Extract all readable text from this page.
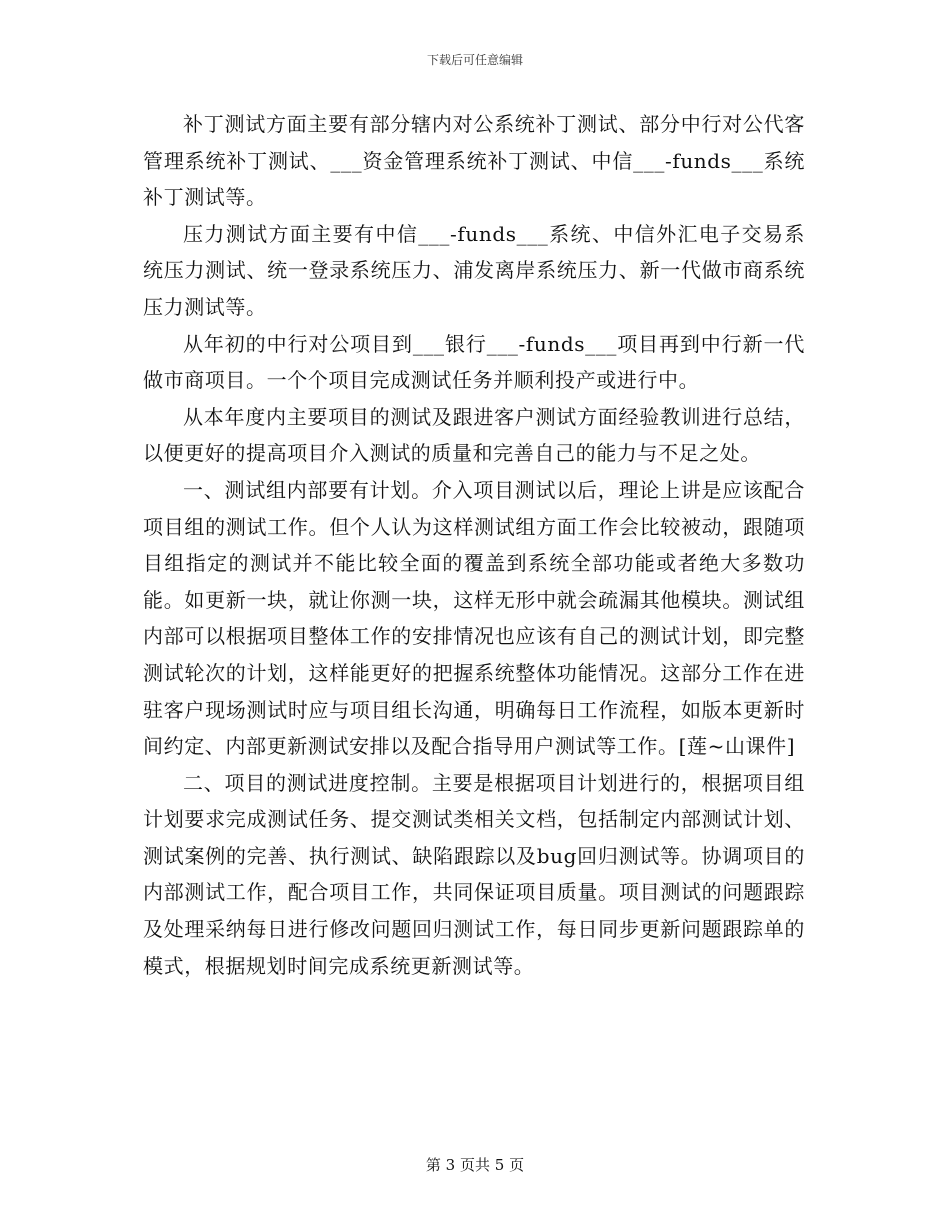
下载后可任意编辑

补丁测试方面主要有部分辖内对公系统补丁测试、部分中行对公代客管理系统补丁测试、___资金管理系统补丁测试、中信___-funds___系统补丁测试等。

压力测试方面主要有中信___-funds___系统、中信外汇电子交易系统压力测试、统一登录系统压力、浦发离岸系统压力、新一代做市商系统压力测试等。

从年初的中行对公项目到___银行___-funds___项目再到中行新一代做市商项目。一个个项目完成测试任务并顺利投产或进行中。

从本年度内主要项目的测试及跟进客户测试方面经验教训进行总结，以便更好的提高项目介入测试的质量和完善自己的能力与不足之处。

一、测试组内部要有计划。介入项目测试以后，理论上讲是应该配合项目组的测试工作。但个人认为这样测试组方面工作会比较被动，跟随项目组指定的测试并不能比较全面的覆盖到系统全部功能或者绝大多数功能。如更新一块，就让你测一块，这样无形中就会疏漏其他模块。测试组内部可以根据项目整体工作的安排情况也应该有自己的测试计划，即完整测试轮次的计划，这样能更好的把握系统整体功能情况。这部分工作在进驻客户现场测试时应与项目组长沟通，明确每日工作流程，如版本更新时间约定、内部更新测试安排以及配合指导用户测试等工作。[莲~山课件]

二、项目的测试进度控制。主要是根据项目计划进行的，根据项目组计划要求完成测试任务、提交测试类相关文档，包括制定内部测试计划、测试案例的完善、执行测试、缺陷跟踪以及bug回归测试等。协调项目的内部测试工作，配合项目工作，共同保证项目质量。项目测试的问题跟踪及处理采纳每日进行修改问题回归测试工作，每日同步更新问题跟踪单的模式，根据规划时间完成系统更新测试等。

第 3 页共 5 页
